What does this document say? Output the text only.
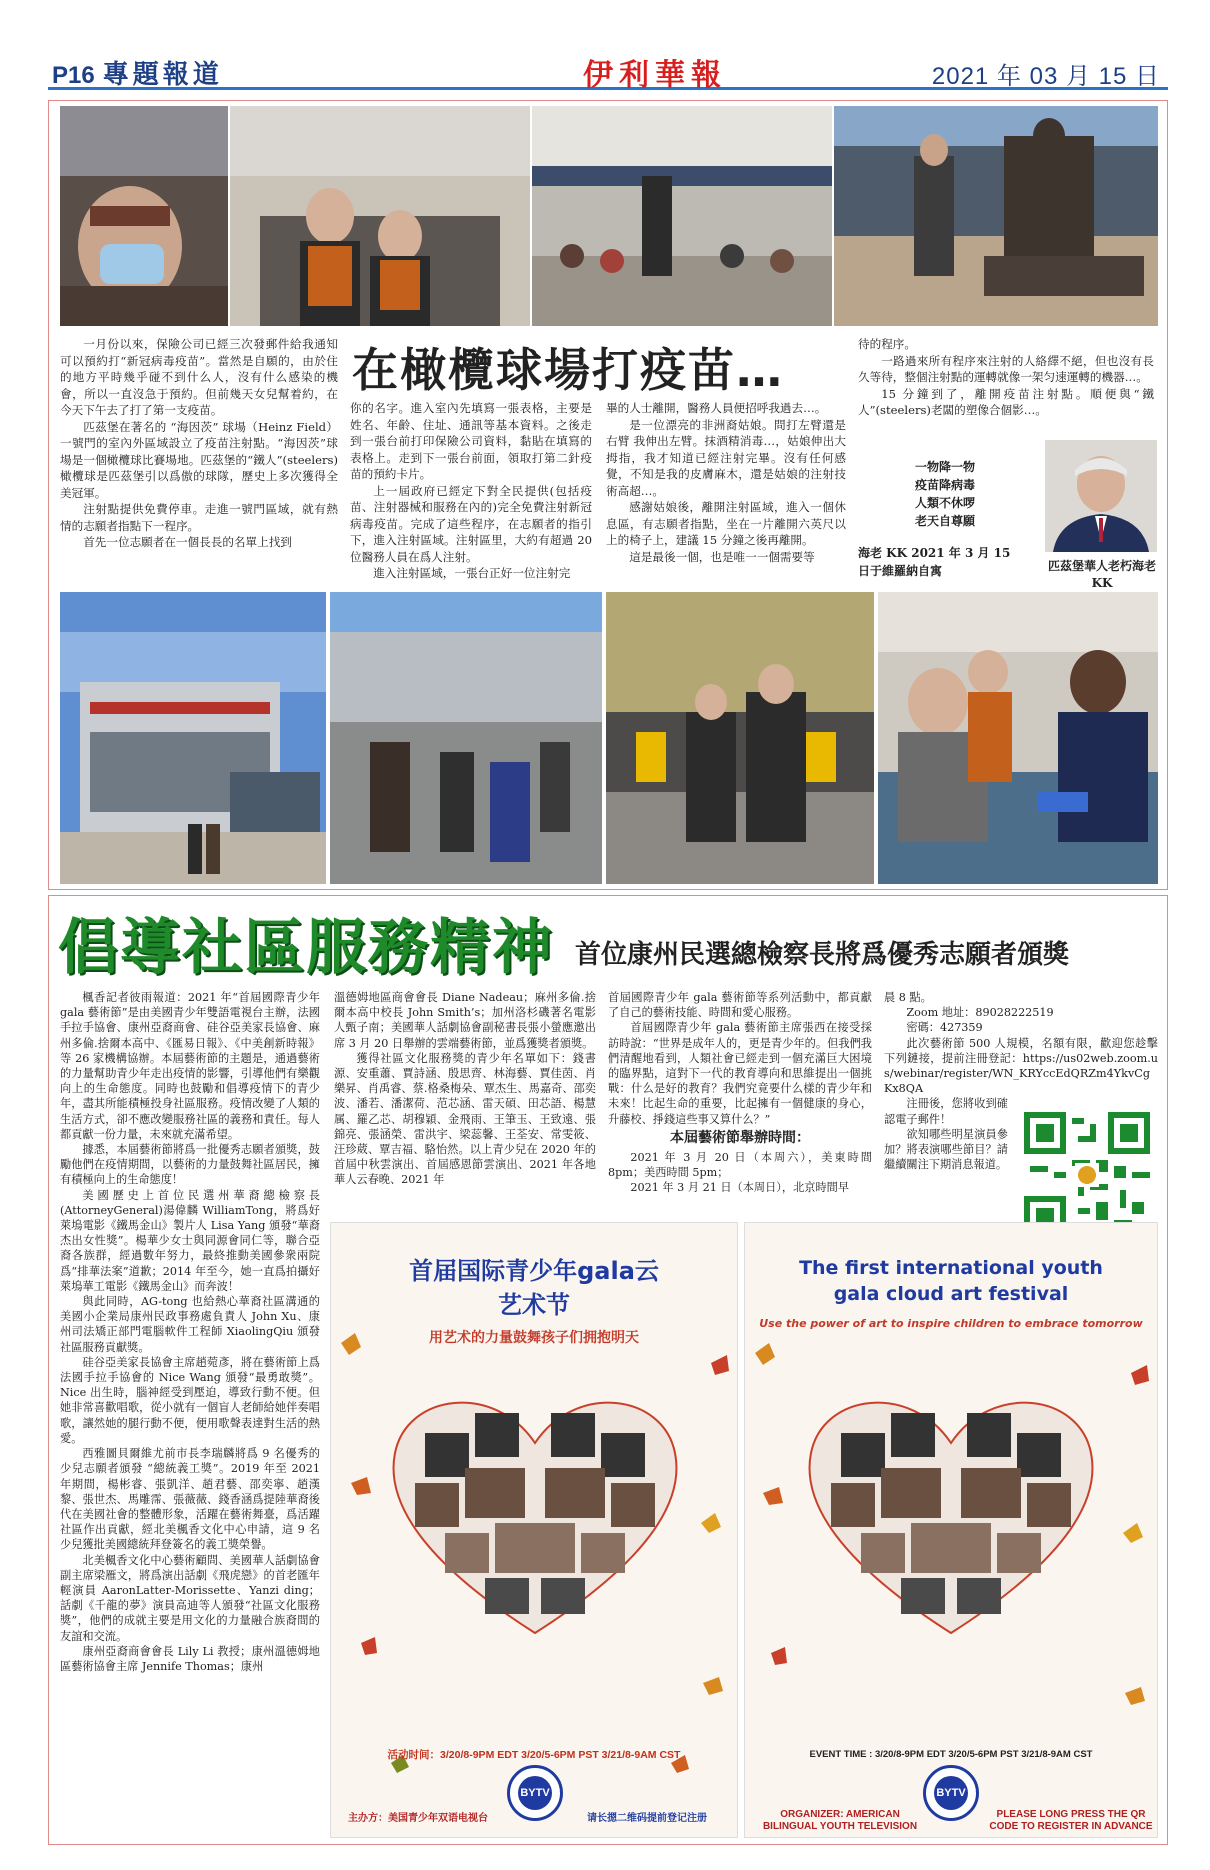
P16 專題報道	伊利華報	2021 年 03 月 15 日
在橄欖球場打疫苗…

一月份以來，保險公司已經三次發郵件給我通知可以預約打“新冠病毒疫苗”。當然是自願的，由於住的地方平時幾乎碰不到什么人，沒有什么感染的機會，所以一直沒急于預約。但前幾天女兒幫着約，在今天下午去了打了第一支疫苗。

匹茲堡在著名的 “海因茨” 球場（Heinz Field）一號門的室內外區域設立了疫苗注射點。“海因茨”球場是一個橄欖球比賽場地。匹茲堡的“鐵人”(steelers)橄欖球是匹茲堡引以爲傲的球隊，歷史上多次獲得全美冠軍。

注射點提供免費停車。走進一號門區域，就有熱情的志願者指點下一程序。

首先一位志願者在一個長長的名單上找到

你的名字。進入室內先填寫一張表格，主要是姓名、年齡、住址、通訊等基本資料。之後走到一張台前打印保險公司資料，黏貼在填寫的表格上。走到下一張台前面，領取打第二針疫苗的預約卡片。

上一屆政府已經定下對全民提供(包括疫苗、注射器械和服務在內的)完全免費注射新冠病毒疫苗。完成了這些程序，在志願者的指引下，進入注射區域。注射區里，大約有超過 20 位醫務人員在爲人注射。

進入注射區域，一張台正好一位注射完

畢的人士離開，醫務人員便招呼我過去…。

是一位漂亮的非洲裔姑娘。問打左臂還是右臂 我伸出左臂。抹酒精消毒…，姑娘伸出大拇指，我才知道已經注射完畢。沒有任何感覺，不知是我的皮膚麻木，還是姑娘的注射技術高超…。

感謝姑娘後，離開注射區域，進入一個休息區，有志願者指點，坐在一片離開六英尺以上的椅子上，建議 15 分鐘之後再離開。

這是最後一個，也是唯一一個需要等

待的程序。

一路過來所有程序來注射的人絡繹不絕，但也沒有長久等待，整個注射點的運轉就像一架匀速運轉的機器…。

15 分鐘到了，離開疫苗注射點。順便與“鐵人”(steelers)老闆的塑像合個影…。

一物降一物
疫苗降病毒
人類不休啰
老天自尊願
海老 KK 2021 年 3 月 15 日于維羅納自寓	匹茲堡華人老朽海老 KK
倡導社區服務精神 首位康州民選總檢察長將爲優秀志願者頒獎

楓香記者彼雨報道：2021 年“首屆國際青少年 gala 藝術節”是由美國青少年雙語電視台主辦，法國手拉手協會、康州亞裔商會、硅谷亞美家長協會、麻州多倫.捨爾本高中、《匯易日報》、《中美創新時報》等 26 家機構協辦。本屆藝術節的主題是，通過藝術的力量幫助青少年走出疫情的影響，引導他們有樂觀向上的生命態度。同時也鼓勵和倡導疫情下的青少年，盡其所能積極投身社區服務。疫情改變了人類的生活方式，卻不應改變服務社區的義務和責任。每人都貢獻一份力量，未來就充滿希望。

據悉，本屆藝術節將爲一批優秀志願者頒獎，鼓勵他們在疫情期間，以藝術的力量鼓舞社區居民，擁有積極向上的生命態度！

美國歷史上首位民選州華裔總檢察長(AttorneyGeneral)湯偉麟 WilliamTong，將爲好萊塢電影《鐵馬金山》製片人 Lisa Yang 頒發“華裔杰出女性獎”。楊華少女士與同源會同仁等，聯合亞裔各族群，經過數年努力，最終推動美國參衆兩院爲“排華法案”道歉；2014 年至今，她一直爲拍攝好萊塢華工電影《鐵馬金山》而奔波！

與此同時，AG-tong 也給熱心華裔社區溝通的美國小企業局康州民政事務處負責人 John Xu、康州司法矯正部門電腦軟件工程師 XiaolingQiu 頒發社區服務貢獻獎。

硅谷亞美家長協會主席趙菀彥，將在藝術節上爲法國手拉手協會的 Nice Wang 頒發“最勇敢獎”。Nice 出生時，腦神經受到壓迫，導致行動不便。但她非常喜歡唱歌，從小就有一個盲人老師給她伴奏唱歌，讓然她的腿行動不便，便用歌聲表達對生活的熱愛。

西雅圖貝爾維尤前市長李瑞麟將爲 9 名優秀的少兒志願者頒發 “總統義工獎”。2019 年至 2021 年期間，楊彬睿、張凱洋、趙君藝、邵奕寧、趙漢黎、張世杰、馬雕霈、張薇薇、錢香涵爲提陸華裔後代在美國社會的整體形象，活躍在藝術舞臺，爲活躍社區作出貢獻，經北美楓香文化中心申請，這 9 名少兒獲批美國總統拜登簽名的義工獎榮譽。

北美楓香文化中心藝術顧問、美國華人話劇協會副主席梁雁文，將爲演出話劇《飛虎戀》的首老匯年輕演員 AaronLatter-Morissette、Yanzi ding；話劇《千龍的夢》演員高迪等人頒發“社區文化服務獎”，他們的成就主要是用文化的力量融合族裔間的友誼和交流。

康州亞裔商會會長 Lily Li 教授；康州溫德姆地區藝術協會主席 Jennife Thomas；康州

溫德姆地區商會會長 Diane Nadeau；麻州多倫.捨爾本高中校長 John Smith’s；加州洛杉磯著名電影人甄子南；美國華人話劇協會副秘書長張小螢應邀出席 3 月 20 日舉辦的雲端藝術節，並爲獲獎者頒獎。

獲得社區文化服務獎的青少年名單如下：錢書源、安重蕭、賈詩涵、殷思齊、林海藝、賈佳茵、肖樂昇、肖禹睿、蔡.格桑梅朵、覃杰生、馬嘉奇、邵奕波、潘若、潘潔荷、范芯涵、雷天碩、田芯語、楊慧属、羅乙芯、胡穆穎、金飛雨、王筆玉、王致遠、張錦亮、張涵榮、雷洪宇、梁蕊馨、王荃安、常雯筱、汪珍葳、覃吉福、駱怡然。以上青少兒在 2020 年的首屆中秋雲演出、首屆感恩節雲演出、2021 年各地華人云春晚、2021 年

首屆國際青少年 gala 藝術節等系列活動中，都貢獻了自己的藝術技能、時間和愛心服務。

首屆國際青少年 gala 藝術節主席張西在接受採訪時說：“世界是成年人的，更是青少年的。但我們我們清醒地看到，人類社會已經走到一個充滿巨大困境的臨界點，這對下一代的教育導向和思維提出一個挑戰：什么是好的教育？我們究竟要什么樣的青少年和未來！比起生命的重要，比起擁有一個健康的身心，升藤校、掙錢這些事又算什么？”

本屆藝術節舉辦時間：

2021 年 3 月 20 日（本周六），美東時間 8pm；美西時間 5pm；

2021 年 3 月 21 日（本周日），北京時間早

晨 8 點。

Zoom 地址：89028222519

密碼：427359

此次藝術節 500 人規模，名額有限，歡迎您趁擊下列鏈接，提前注冊登記：https://us02web.zoom.us/webinar/register/WN_KRYccEdQRZm4YkvCgKx8QA

注冊後，您將收到確認電子郵件！

欲知哪些明星演員參加？將表演哪些節目？請繼續關注下期消息報道。

首届国际青少年gala云
艺术节
用艺术的力量鼓舞孩子们拥抱明天
活动时间：3/20/8-9PM EDT 3/20/5-6PM PST 3/21/8-9AM CST
BYTV
主办方：美国青少年双语电视台	请长摁二维码提前登记注册
The first international youth
gala cloud art festival
Use the power of art to inspire children to embrace tomorrow
EVENT TIME : 3/20/8-9PM EDT 3/20/5-6PM PST 3/21/8-9AM CST
BYTV
ORGANIZER: AMERICAN BILINGUAL YOUTH TELEVISION
PLEASE LONG PRESS THE QR CODE TO REGISTER IN ADVANCE
